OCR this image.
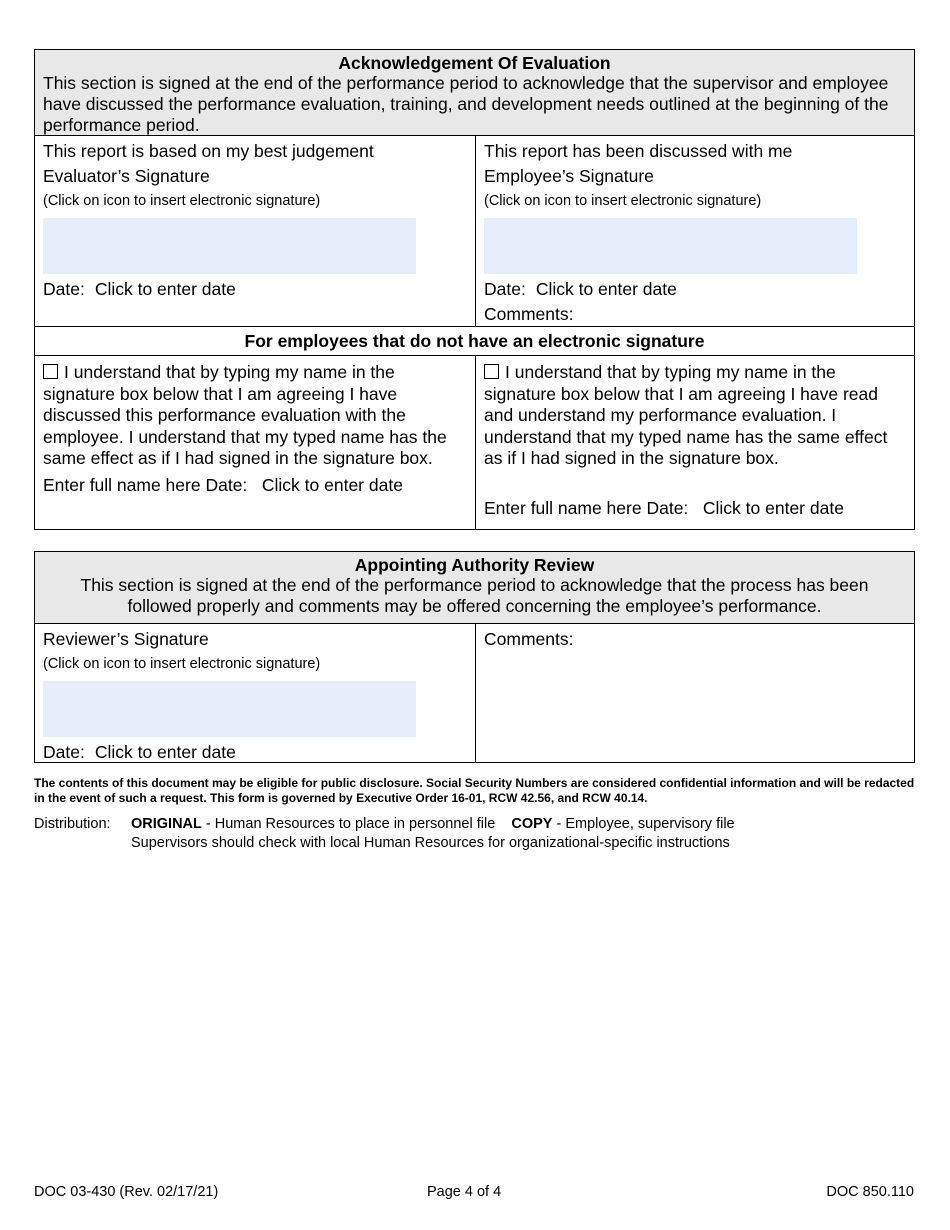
Acknowledgement Of Evaluation
This section is signed at the end of the performance period to acknowledge that the supervisor and employee have discussed the performance evaluation, training, and development needs outlined at the beginning of the performance period.
This report is based on my best judgement
Evaluator’s Signature
(Click on icon to insert electronic signature)
Date: Click to enter date
This report has been discussed with me
Employee’s Signature
(Click on icon to insert electronic signature)
Date: Click to enter date
Comments:
For employees that do not have an electronic signature
I understand that by typing my name in the signature box below that I am agreeing I have discussed this performance evaluation with the employee. I understand that my typed name has the same effect as if I had signed in the signature box.
Enter full name here Date: Click to enter date
I understand that by typing my name in the signature box below that I am agreeing I have read and understand my performance evaluation. I understand that my typed name has the same effect as if I had signed in the signature box.
Enter full name here Date: Click to enter date
Appointing Authority Review
This section is signed at the end of the performance period to acknowledge that the process has been followed properly and comments may be offered concerning the employee’s performance.
Reviewer’s Signature
(Click on icon to insert electronic signature)
Date: Click to enter date
Comments:
The contents of this document may be eligible for public disclosure. Social Security Numbers are considered confidential information and will be redacted in the event of such a request. This form is governed by Executive Order 16-01, RCW 42.56, and RCW 40.14.
Distribution: ORIGINAL - Human Resources to place in personnel file COPY - Employee, supervisory file
Supervisors should check with local Human Resources for organizational-specific instructions
DOC 03-430 (Rev. 02/17/21)	Page 4 of 4	DOC 850.110
